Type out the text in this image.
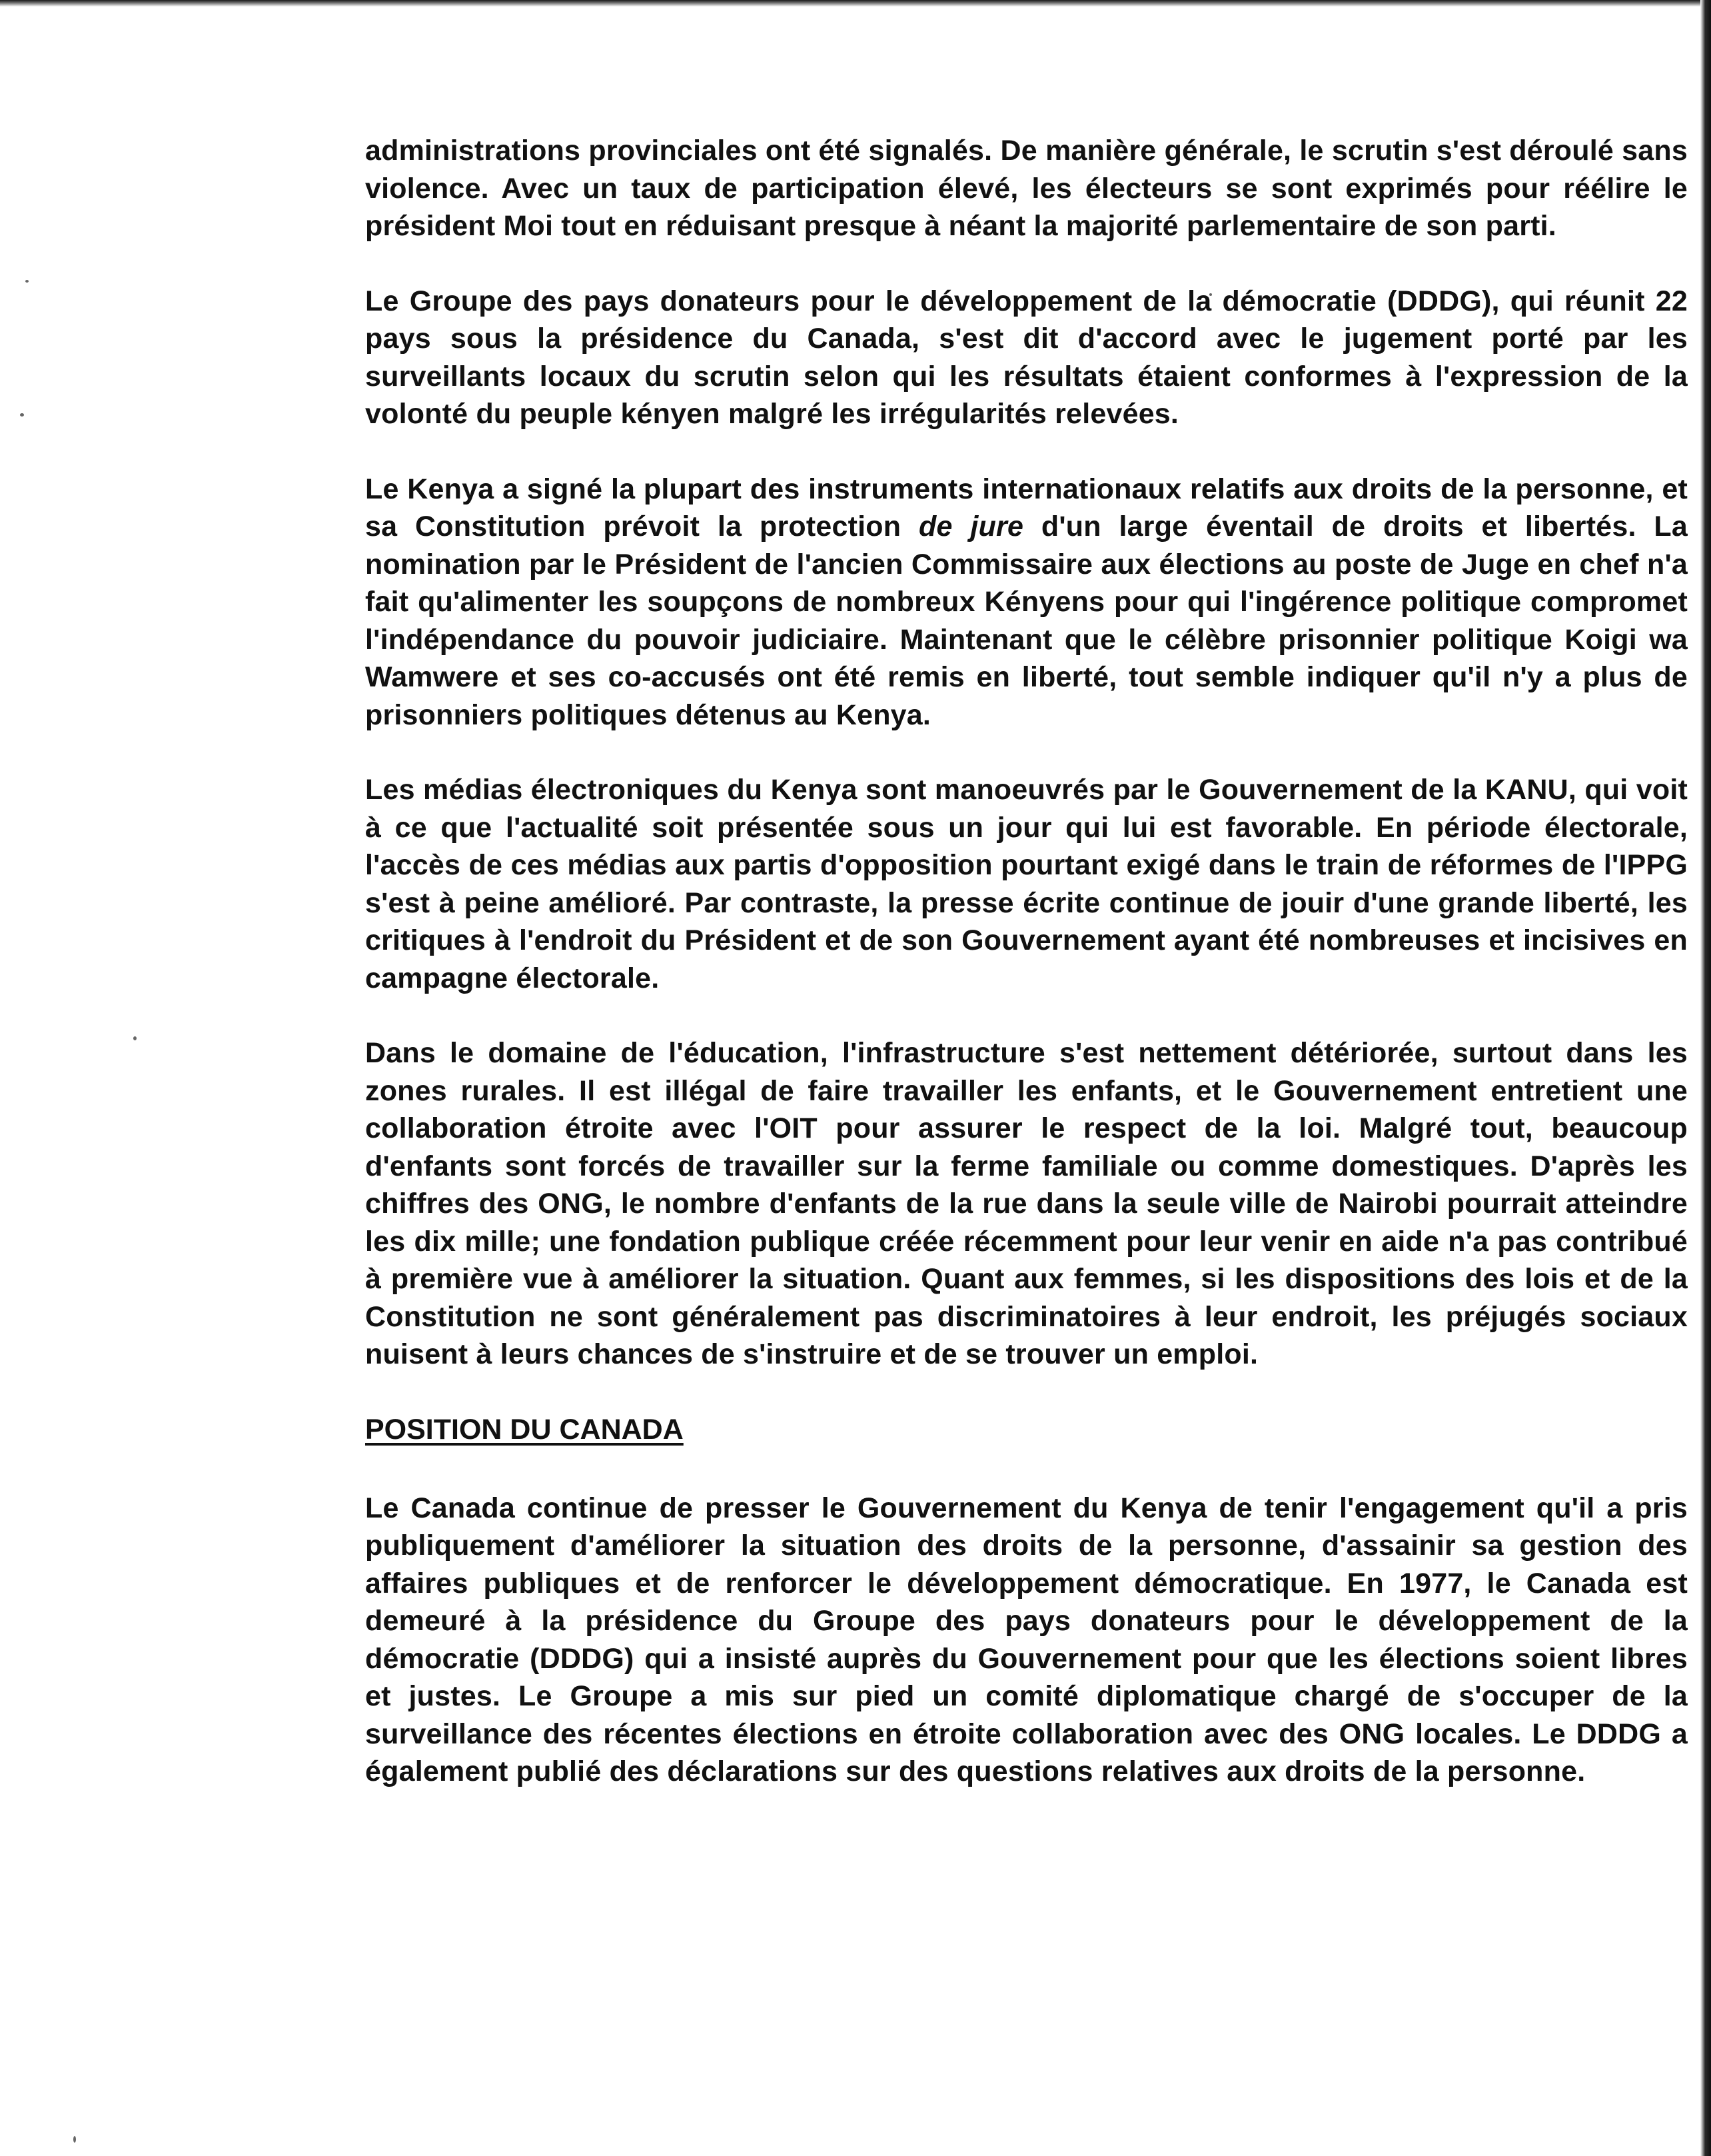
administrations provinciales ont été signalés. De manière générale, le scrutin s'est déroulé sans violence. Avec un taux de participation élevé, les électeurs se sont exprimés pour réélire le président Moi tout en réduisant presque à néant la majorité parlementaire de son parti.

Le Groupe des pays donateurs pour le développement de la démocratie (DDDG), qui réunit 22 pays sous la présidence du Canada, s'est dit d'accord avec le jugement porté par les surveillants locaux du scrutin selon qui les résultats étaient conformes à l'expression de la volonté du peuple kényen malgré les irrégularités relevées.

Le Kenya a signé la plupart des instruments internationaux relatifs aux droits de la personne, et sa Constitution prévoit la protection de jure d'un large éventail de droits et libertés. La nomination par le Président de l'ancien Commissaire aux élections au poste de Juge en chef n'a fait qu'alimenter les soupçons de nombreux Kényens pour qui l'ingérence politique compromet l'indépendance du pouvoir judiciaire. Maintenant que le célèbre prisonnier politique Koigi wa Wamwere et ses co-accusés ont été remis en liberté, tout semble indiquer qu'il n'y a plus de prisonniers politiques détenus au Kenya.

Les médias électroniques du Kenya sont manoeuvrés par le Gouvernement de la KANU, qui voit à ce que l'actualité soit présentée sous un jour qui lui est favorable. En période électorale, l'accès de ces médias aux partis d'opposition pourtant exigé dans le train de réformes de l'IPPG s'est à peine amélioré. Par contraste, la presse écrite continue de jouir d'une grande liberté, les critiques à l'endroit du Président et de son Gouvernement ayant été nombreuses et incisives en campagne électorale.

Dans le domaine de l'éducation, l'infrastructure s'est nettement détériorée, surtout dans les zones rurales. Il est illégal de faire travailler les enfants, et le Gouvernement entretient une collaboration étroite avec l'OIT pour assurer le respect de la loi. Malgré tout, beaucoup d'enfants sont forcés de travailler sur la ferme familiale ou comme domestiques. D'après les chiffres des ONG, le nombre d'enfants de la rue dans la seule ville de Nairobi pourrait atteindre les dix mille; une fondation publique créée récemment pour leur venir en aide n'a pas contribué à première vue à améliorer la situation. Quant aux femmes, si les dispositions des lois et de la Constitution ne sont généralement pas discriminatoires à leur endroit, les préjugés sociaux nuisent à leurs chances de s'instruire et de se trouver un emploi.

POSITION DU CANADA

Le Canada continue de presser le Gouvernement du Kenya de tenir l'engagement qu'il a pris publiquement d'améliorer la situation des droits de la personne, d'assainir sa gestion des affaires publiques et de renforcer le développement démocratique. En 1977, le Canada est demeuré à la présidence du Groupe des pays donateurs pour le développement de la démocratie (DDDG) qui a insisté auprès du Gouvernement pour que les élections soient libres et justes. Le Groupe a mis sur pied un comité diplomatique chargé de s'occuper de la surveillance des récentes élections en étroite collaboration avec des ONG locales. Le DDDG a également publié des déclarations sur des questions relatives aux droits de la personne.
